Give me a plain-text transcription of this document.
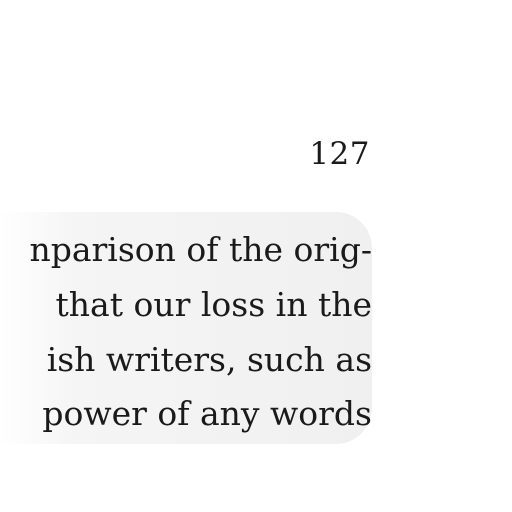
127
nparison of the orig-
that our loss in the
ish writers, such as
power of any words
